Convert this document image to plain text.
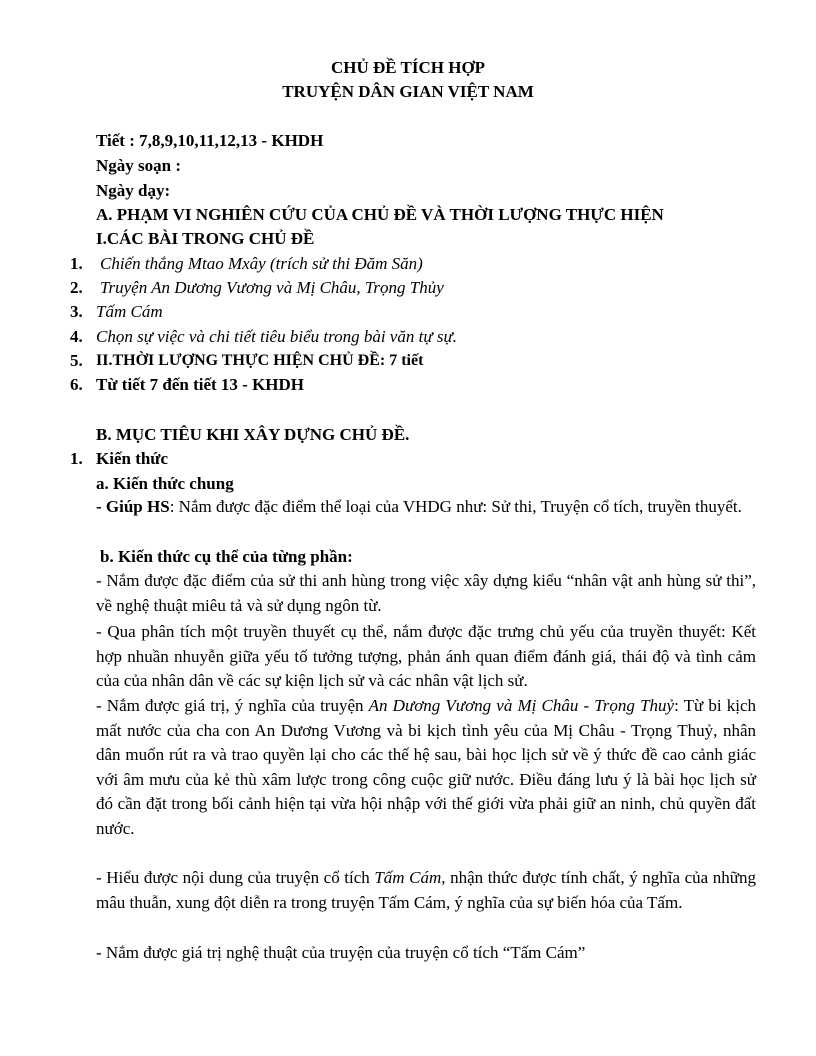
CHỦ ĐỀ TÍCH HỢP
TRUYỆN DÂN GIAN VIỆT NAM
Tiết : 7,8,9,10,11,12,13 - KHDH
Ngày soạn :
Ngày dạy:
A. PHẠM VI NGHIÊN CỨU CỦA CHỦ ĐỀ VÀ THỜI LƯỢNG THỰC HIỆN
I.CÁC BÀI TRONG CHỦ ĐỀ
1.	Chiến thắng Mtao Mxây (trích sử thi Đăm Săn)
2.	Truyện An Dương Vương và Mị Châu, Trọng Thủy
3. Tấm Cám
4. Chọn sự việc và chi tiết tiêu biểu trong bài văn tự sự.
5. II.THỜI LƯỢNG THỰC HIỆN CHỦ ĐỀ: 7 tiết
6. Từ tiết 7 đến tiết 13 - KHDH
B. MỤC TIÊU KHI XÂY DỰNG CHỦ ĐỀ.
1. Kiến thức
a. Kiến thức chung
- Giúp HS: Nắm được đặc điểm thể loại của VHDG như: Sử thi, Truyện cổ tích, truyền thuyết.
b. Kiến thức cụ thể của từng phần:
- Nắm được đặc điểm của sử thi anh hùng trong việc xây dựng kiểu “nhân vật anh hùng sử thi”, về nghệ thuật miêu tả và sử dụng ngôn từ.
- Qua phân tích một truyền thuyết cụ thể, nắm được đặc trưng chủ yếu của truyền thuyết: Kết hợp nhuần nhuyễn giữa yếu tố tưởng tượng, phản ánh quan điểm đánh giá, thái độ và tình cảm của của nhân dân về các sự kiện lịch sử và các nhân vật lịch sử.
- Nắm được giá trị, ý nghĩa của truyện An Dương Vương và Mị Châu - Trọng Thuỷ: Từ bi kịch mất nước của cha con An Dương Vương và bi kịch tình yêu của Mị Châu - Trọng Thuỷ, nhân dân muốn rút ra và trao quyền lại cho các thế hệ sau, bài học lịch sử về ý thức đề cao cảnh giác với âm mưu của kẻ thù xâm lược trong công cuộc giữ nước. Điều đáng lưu ý là bài học lịch sử đó cần đặt trong bối cảnh hiện tại vừa hội nhập với thế giới vừa phải giữ an ninh, chủ quyền đất nước.
- Hiểu được nội dung của truyện cổ tích Tấm Cám, nhận thức được tính chất, ý nghĩa của những mâu thuẫn, xung đột diễn ra trong truyện Tấm Cám, ý nghĩa của sự biến hóa của Tấm.
- Nắm được giá trị nghệ thuật của truyện của truyện cổ tích “Tấm Cám”
